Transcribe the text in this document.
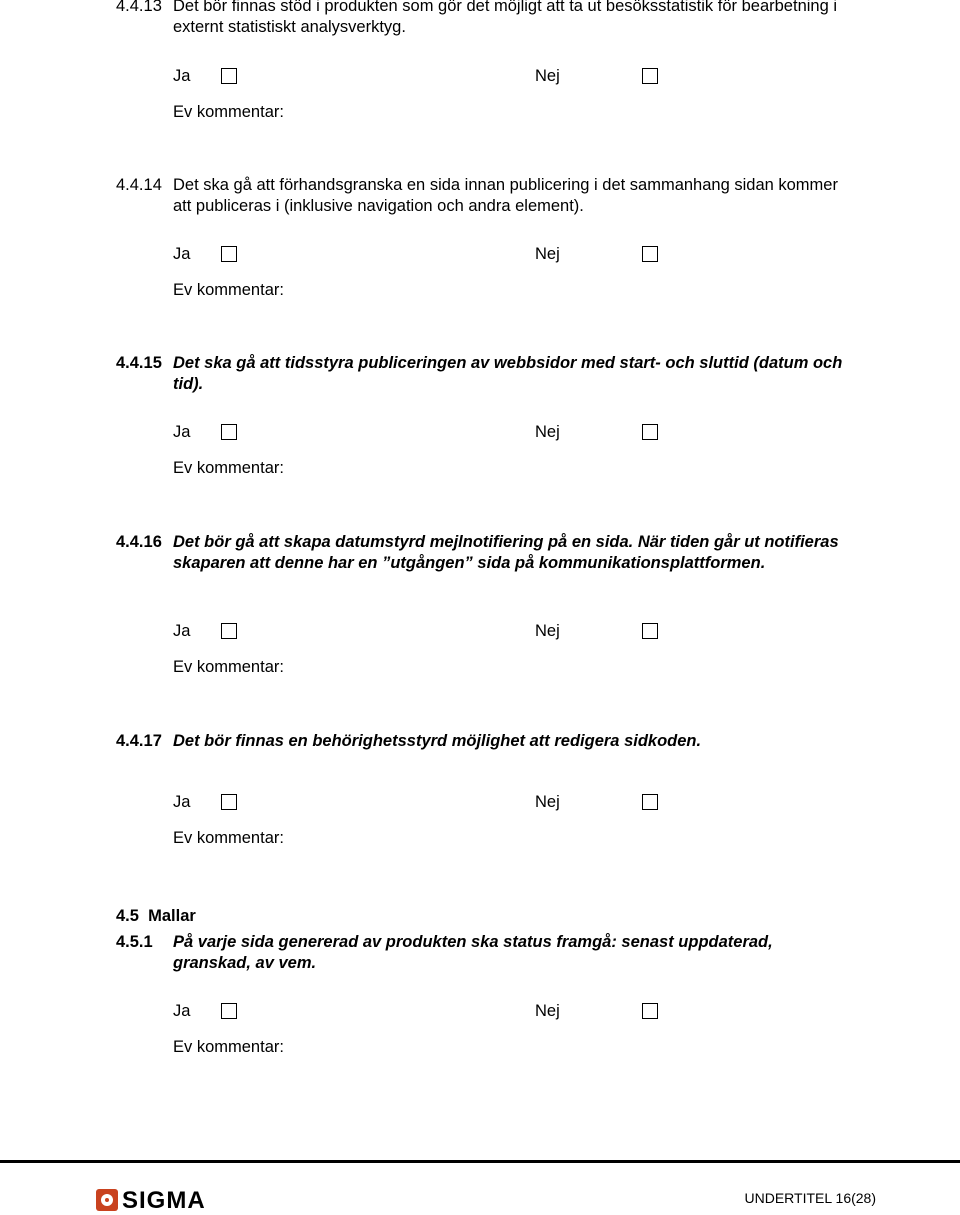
4.4.13 Det bör finnas stöd i produkten som gör det möjligt att ta ut besöksstatistik för bearbetning i externt statistiskt analysverktyg.
Ja	Nej
Ev kommentar:
4.4.14 Det ska gå att förhandsgranska en sida innan publicering i det sammanhang sidan kommer att publiceras i (inklusive navigation och andra element).
Ja	Nej
Ev kommentar:
4.4.15 Det ska gå att tidsstyra publiceringen av webbsidor med start- och sluttid (datum och tid).
Ja	Nej
Ev kommentar:
4.4.16 Det bör gå att skapa datumstyrd mejlnotifiering på en sida. När tiden går ut notifieras skaparen att denne har en ”utgången” sida på kommunikationsplattformen.
Ja	Nej
Ev kommentar:
4.4.17 Det bör finnas en behörighetsstyrd möjlighet att redigera sidkoden.
Ja	Nej
Ev kommentar:
4.5 Mallar
4.5.1 På varje sida genererad av produkten ska status framgå: senast uppdaterad, granskad, av vem.
Ja	Nej
Ev kommentar:
SIGMA	UNDERTITEL 16(28)
